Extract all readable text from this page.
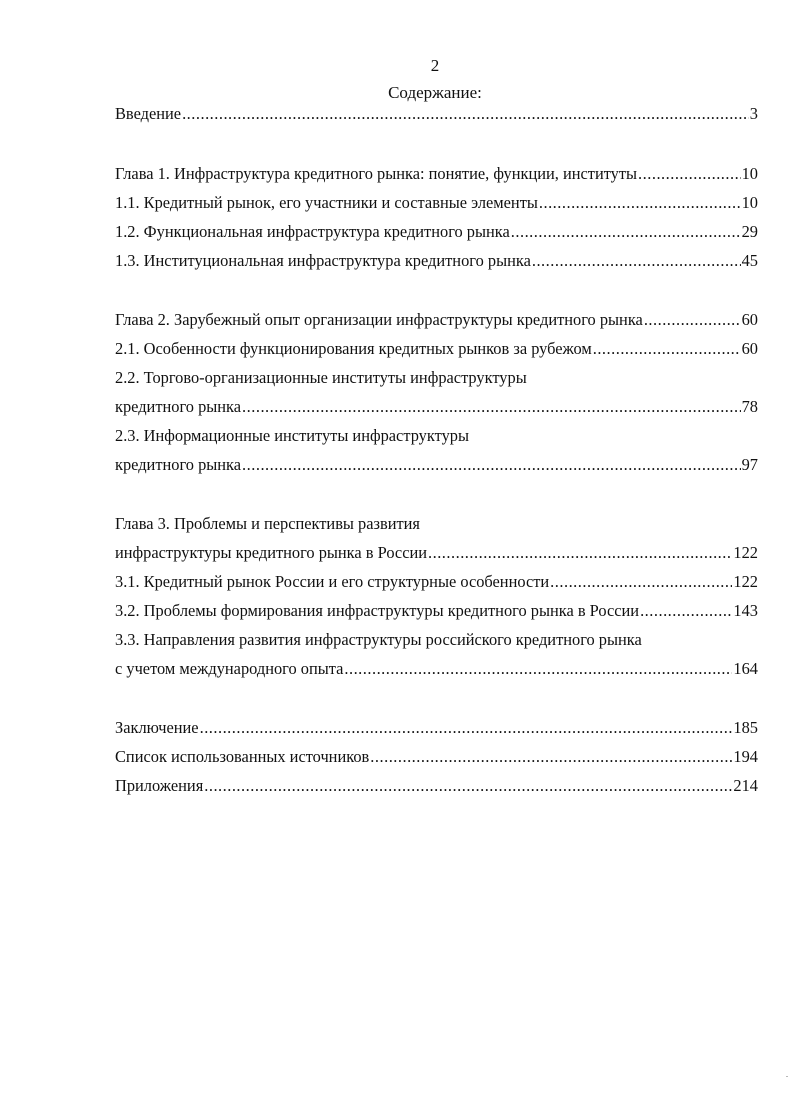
2
Содержание:
Введение .....	3
Глава 1. Инфраструктура кредитного рынка: понятие, функции, институты .....	10
1.1. Кредитный рынок, его участники и составные элементы .....	10
1.2. Функциональная инфраструктура кредитного рынка .....	29
1.3. Институциональная инфраструктура кредитного рынка .....	45
Глава 2. Зарубежный опыт организации инфраструктуры кредитного рынка .....	60
2.1. Особенности функционирования кредитных рынков за рубежом .....	60
2.2. Торгово-организационные институты инфраструктуры
кредитного рынка .....	78
2.3. Информационные институты инфраструктуры
кредитного рынка .....	97
Глава 3. Проблемы и перспективы развития
инфраструктуры кредитного рынка в России .....	122
3.1. Кредитный рынок России и его структурные особенности .....	122
3.2. Проблемы формирования инфраструктуры кредитного рынка в России .....	143
3.3. Направления развития инфраструктуры российского кредитного рынка
с учетом международного опыта .....	164
Заключение .....	185
Список использованных источников .....	194
Приложения .....	214
.
